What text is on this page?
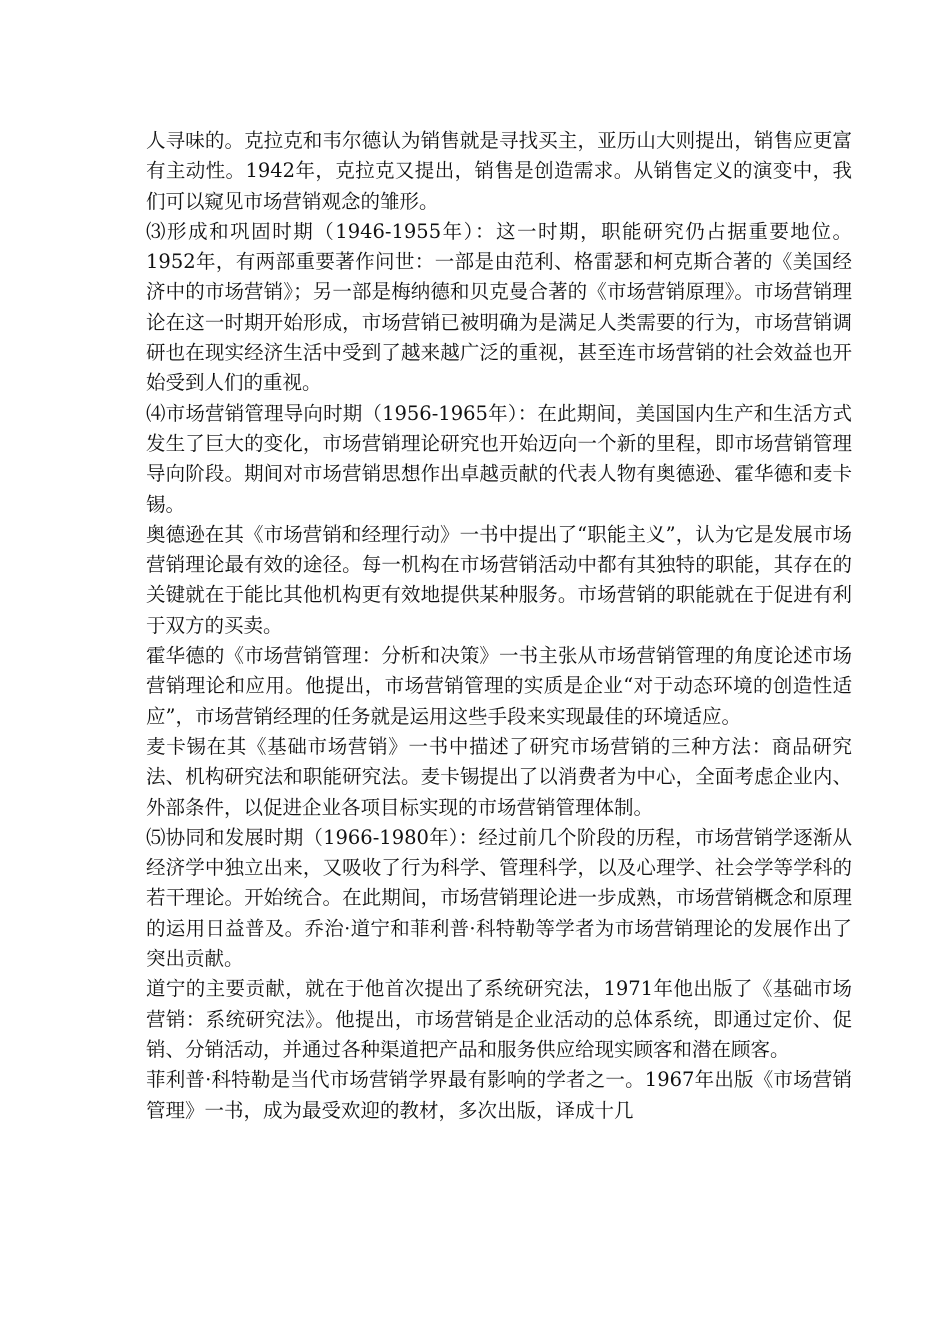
人寻味的。克拉克和韦尔德认为销售就是寻找买主，亚历山大则提出，销售应更富有主动性。1942年，克拉克又提出，销售是创造需求。从销售定义的演变中，我们可以窥见市场营销观念的雏形。

⑶形成和巩固时期（1946-1955年）：这一时期，职能研究仍占据重要地位。1952年，有两部重要著作问世：一部是由范利、格雷瑟和柯克斯合著的《美国经济中的市场营销》；另一部是梅纳德和贝克曼合著的《市场营销原理》。市场营销理论在这一时期开始形成，市场营销已被明确为是满足人类需要的行为，市场营销调研也在现实经济生活中受到了越来越广泛的重视，甚至连市场营销的社会效益也开始受到人们的重视。

⑷市场营销管理导向时期（1956-1965年）：在此期间，美国国内生产和生活方式发生了巨大的变化，市场营销理论研究也开始迈向一个新的里程，即市场营销管理导向阶段。期间对市场营销思想作出卓越贡献的代表人物有奥德逊、霍华德和麦卡锡。

奥德逊在其《市场营销和经理行动》一书中提出了“职能主义”，认为它是发展市场营销理论最有效的途径。每一机构在市场营销活动中都有其独特的职能，其存在的关键就在于能比其他机构更有效地提供某种服务。市场营销的职能就在于促进有利于双方的买卖。

霍华德的《市场营销管理：分析和决策》一书主张从市场营销管理的角度论述市场营销理论和应用。他提出，市场营销管理的实质是企业“对于动态环境的创造性适应”，市场营销经理的任务就是运用这些手段来实现最佳的环境适应。

麦卡锡在其《基础市场营销》一书中描述了研究市场营销的三种方法：商品研究法、机构研究法和职能研究法。麦卡锡提出了以消费者为中心，全面考虑企业内、外部条件，以促进企业各项目标实现的市场营销管理体制。

⑸协同和发展时期（1966-1980年）：经过前几个阶段的历程，市场营销学逐渐从经济学中独立出来，又吸收了行为科学、管理科学，以及心理学、社会学等学科的若干理论。开始统合。在此期间，市场营销理论进一步成熟，市场营销概念和原理的运用日益普及。乔治·道宁和菲利普·科特勒等学者为市场营销理论的发展作出了突出贡献。

道宁的主要贡献，就在于他首次提出了系统研究法，1971年他出版了《基础市场营销：系统研究法》。他提出，市场营销是企业活动的总体系统，即通过定价、促销、分销活动，并通过各种渠道把产品和服务供应给现实顾客和潜在顾客。

菲利普·科特勒是当代市场营销学界最有影响的学者之一。1967年出版《市场营销管理》一书，成为最受欢迎的教材，多次出版，译成十几
